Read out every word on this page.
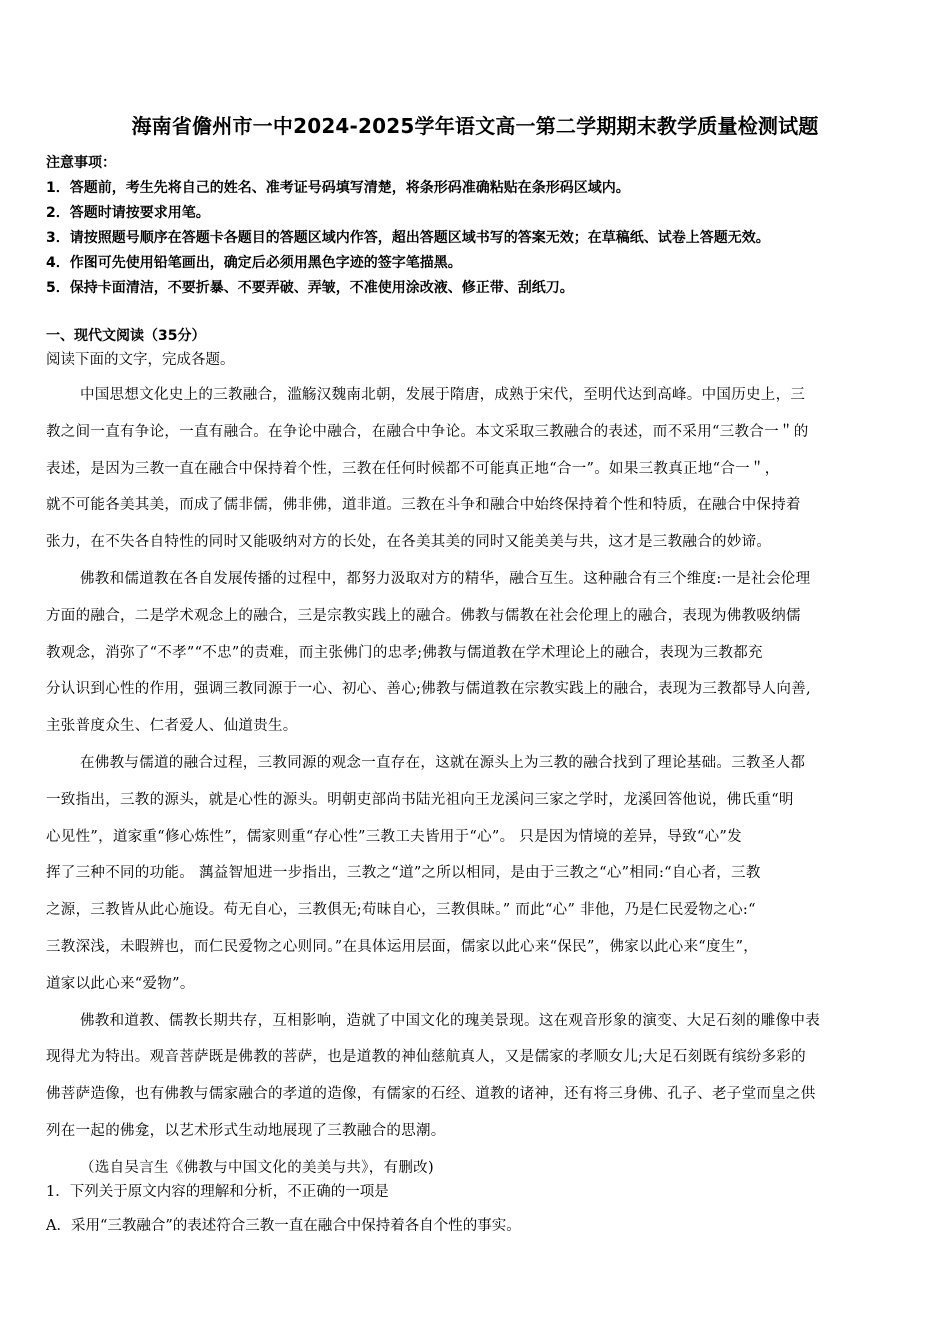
海南省儋州市一中2024-2025学年语文高一第二学期期末教学质量检测试题
注意事项：
1．答题前，考生先将自己的姓名、准考证号码填写清楚，将条形码准确粘贴在条形码区域内。
2．答题时请按要求用笔。
3．请按照题号顺序在答题卡各题目的答题区域内作答，超出答题区域书写的答案无效；在草稿纸、试卷上答题无效。
4．作图可先使用铅笔画出，确定后必须用黑色字迹的签字笔描黑。
5．保持卡面清洁，不要折暴、不要弄破、弄皱，不准使用涂改液、修正带、刮纸刀。
一、现代文阅读（35分）
阅读下面的文字，完成各题。
中国思想文化史上的三教融合，滥觞汉魏南北朝，发展于隋唐，成熟于宋代，至明代达到高峰。中国历史上，三
教之间一直有争论，一直有融合。在争论中融合，在融合中争论。本文采取三教融合的表述，而不采用“三教合一＂的
表述，是因为三教一直在融合中保持着个性，三教在任何时候都不可能真正地“合一”。如果三教真正地“合一＂，
就不可能各美其美，而成了儒非儒，佛非佛，道非道。三教在斗争和融合中始终保持着个性和特质，在融合中保持着
张力，在不失各自特性的同时又能吸纳对方的长处，在各美其美的同时又能美美与共，这才是三教融合的妙谛。
佛教和儒道教在各自发展传播的过程中，都努力汲取对方的精华，融合互生。这种融合有三个维度:一是社会伦理
方面的融合，二是学术观念上的融合，三是宗教实践上的融合。佛教与儒教在社会伦理上的融合，表现为佛教吸纳儒
教观念，消弥了“不孝”“不忠”的责难，而主张佛门的忠孝;佛教与儒道教在学术理论上的融合，表现为三教都充
分认识到心性的作用，强调三教同源于一心、初心、善心;佛教与儒道教在宗教实践上的融合，表现为三教都导人向善,
主张普度众生、仁者爱人、仙道贵生。
在佛教与儒道的融合过程，三教同源的观念一直存在，这就在源头上为三教的融合找到了理论基础。三教圣人都
一致指出，三教的源头，就是心性的源头。明朝吏部尚书陆光祖向王龙溪问三家之学时，龙溪回答他说，佛氏重“明
心见性”，道家重“修心炼性”，儒家则重“存心性”三教工夫皆用于“心”。 只是因为情境的差异，导致“心”发
挥了三种不同的功能。 蕅益智旭进一步指出，三教之“道”之所以相同，是由于三教之“心”相同:“自心者，三教
之源，三教皆从此心施设。苟无自心，三教俱无;苟昧自心，三教俱昧。” 而此“心” 非他，乃是仁民爱物之心:“
三教深浅，未暇辨也，而仁民爱物之心则同。”在具体运用层面，儒家以此心来“保民”，佛家以此心来“度生”，
道家以此心来“爱物”。
佛教和道教、儒教长期共存，互相影响，造就了中国文化的瑰美景现。这在观音形象的演变、大足石刻的雕像中表
现得尤为特出。观音菩萨既是佛教的菩萨，也是道教的神仙慈航真人，又是儒家的孝顺女儿;大足石刻既有缤纷多彩的
佛菩萨造像，也有佛教与儒家融合的孝道的造像，有儒家的石经、道教的诸神，还有将三身佛、孔子、老子堂而皇之供
列在一起的佛龛，以艺术形式生动地展现了三教融合的思潮。
（选自吴言生《佛教与中国文化的美美与共》，有删改)
1．下列关于原文内容的理解和分析，不正确的一项是
A．采用“三教融合”的表述符合三教一直在融合中保持着各自个性的事实。
